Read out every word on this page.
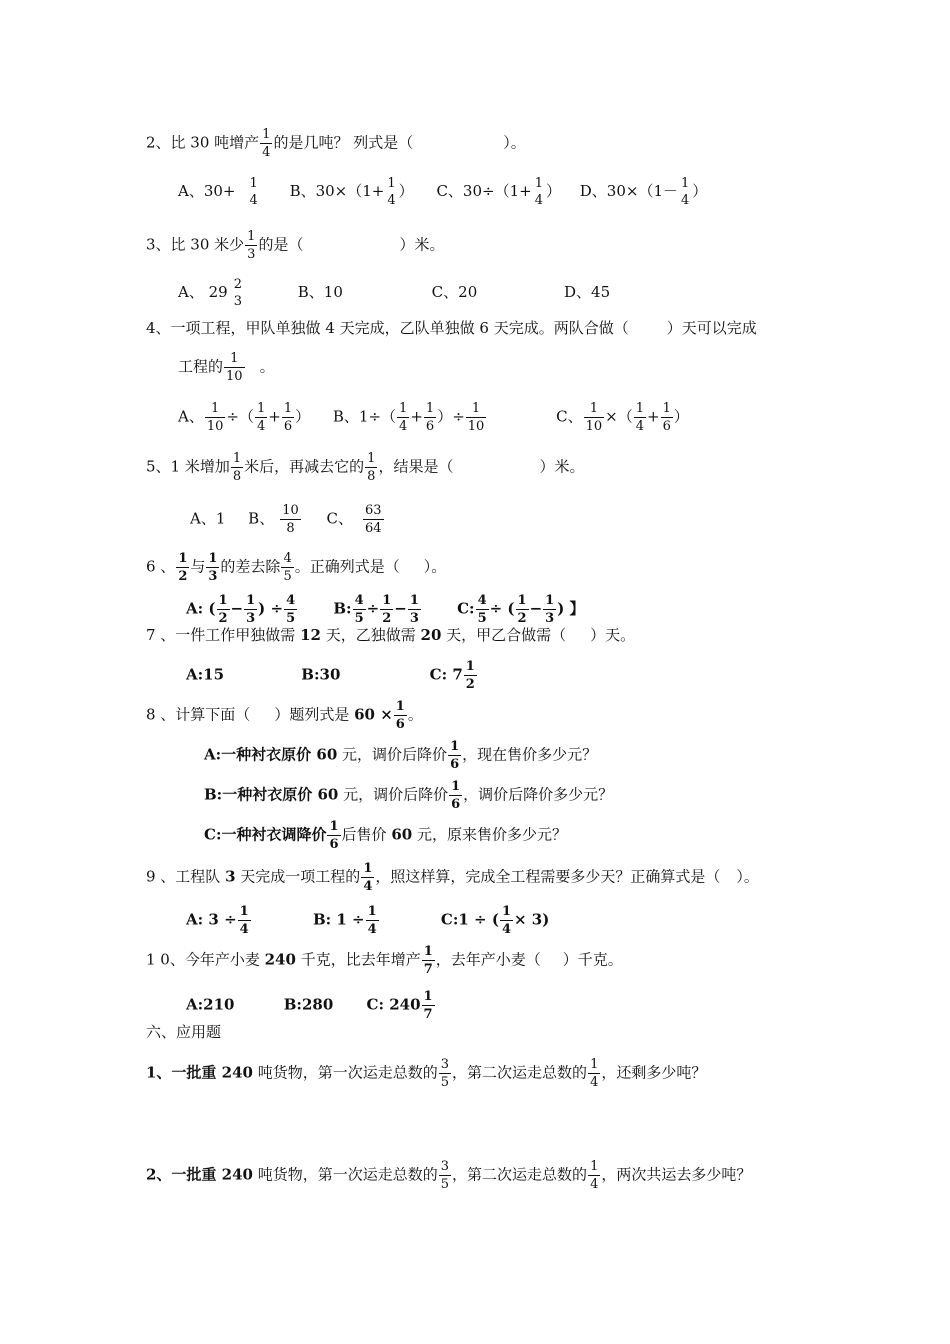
2、比 30 吨增产 $\frac{1}{4}$ 的是几吨？ 列式是（	）。
A、30+ 1
4
B、30×（1+ 1
4
） C、30÷（1+ 1
4
） D、30×（1－ 1
4
）
3、比 30 米少 $\frac{1}{3}$ 的是（	）米。
A、 29 2
3
B、10	C、20	D、45
4、一项工程，甲队单独做 4 天完成，乙队单独做 6 天完成。两队合做（	）天可以完成
工程的 $\frac{1}{10}$ 。
A、 $\frac{1}{10}$ ÷（ $\frac{1}{4} + \frac{1}{6}$ ） B、$1\div( \frac{1}{4} + \frac{1}{6}$ ）÷ $\frac{1}{10}$	C、 $\frac{1}{10}$ ×（ $\frac{1}{4} + \frac{1}{6}$ ）
5、1 米增加 $\frac{1}{8}$ 米后，再减去它的 $\frac{1}{8}$ ，结果是（	）米。
A、1 B、 $\frac{10}{8}$ C、 $\frac{63}{64}$
6 、 $\frac{1}{2}$ 与 $\frac{1}{3}$ 的差去除 $\frac{4}{5}$ 。正确列式是（ ）。
A: ( $\frac{1}{2} - \frac{1}{3}$ ) ÷ $\frac{4}{5} B$: $\frac{4}{5} \div \frac{1}{2} - \frac{1}{3} C$: $\frac{4}{5}$ ÷ ( $\frac{1}{2} - \frac{1}{3}$ ) 】
7 、一件工作甲独做需 12 天，乙独做需 20 天，甲乙合做需（ ）天。
A:15	B:30	C: $7 \frac{1}{2}$
8 、计算下面（ ）题列式是 $60 \times \frac{1}{6}$ 。
A:一种衬衣原价 60 元，调价后降价 $\frac{1}{6}$ ，现在售价多少元？
B:一种衬衣原价 60 元，调价后降价 $\frac{1}{6}$ ，调价后降价多少元？
C:一种衬衣调降价 $\frac{1}{6}$ 后售价 60 元，原来售价多少元？
9 、工程队 3 天完成一项工程的 $\frac{1}{4}$ ，照这样算，完成全工程需要多少天？正确算式是（ ）。
A: $3 \div \frac{1}{4}$	B: $1 \div \frac{1}{4}$	C:1 ÷ ( $\frac{1}{4} \times 3$)
1 0、今年产小麦 240 千克，比去年增产 $\frac{1}{7}$ ，去年产小麦（ ）千克。
A:210	B:280 C: $240 \frac{1}{7}$
六、应用题
1、一批重 240 吨货物，第一次运走总数的 $\frac{3}{5}$ ，第二次运走总数的 $\frac{1}{4}$ ，还剩多少吨？
2、一批重 240 吨货物，第一次运走总数的 $\frac{3}{5}$ ，第二次运走总数的 $\frac{1}{4}$ ，两次共运去多少吨？
